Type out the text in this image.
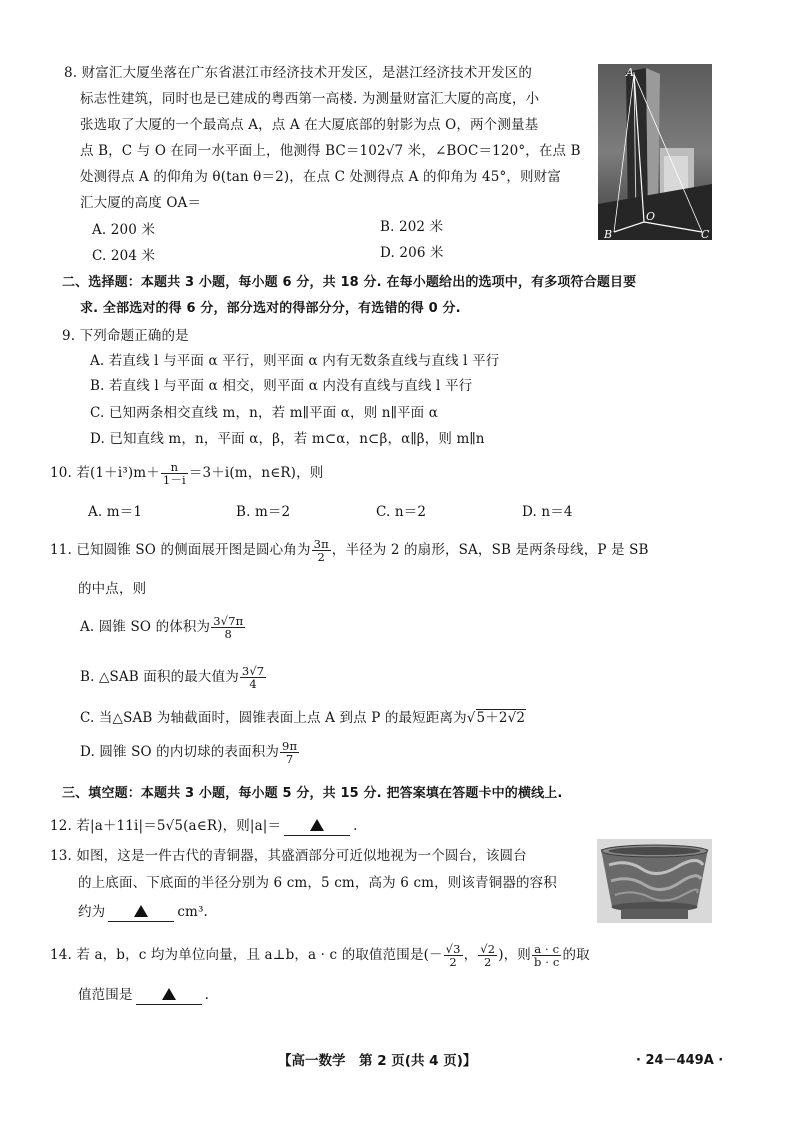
8. 财富汇大厦坐落在广东省湛江市经济技术开发区，是湛江经济技术开发区的
标志性建筑，同时也是已建成的粤西第一高楼. 为测量财富汇大厦的高度，小
张选取了大厦的一个最高点 A，点 A 在大厦底部的射影为点 O，两个测量基
点 B，C 与 O 在同一水平面上，他测得 BC＝102√7 米，∠BOC＝120°，在点 B
处测得点 A 的仰角为 θ(tan θ＝2)，在点 C 处测得点 A 的仰角为 45°，则财富
汇大厦的高度 OA＝
A. 200 米	B. 202 米
C. 204 米	D. 206 米
A
O
B	C
二、选择题：本题共 3 小题，每小题 6 分，共 18 分. 在每小题给出的选项中，有多项符合题目要
求. 全部选对的得 6 分，部分选对的得部分分，有选错的得 0 分.
9. 下列命题正确的是
A. 若直线 l 与平面 α 平行，则平面 α 内有无数条直线与直线 l 平行
B. 若直线 l 与平面 α 相交，则平面 α 内没有直线与直线 l 平行
C. 已知两条相交直线 m，n，若 m∥平面 α，则 n∥平面 α
D. 已知直线 m，n，平面 α，β，若 m⊂α，n⊂β，α∥β，则 m∥n
10. 若$(1+i^3)m+ \frac{n}{1-i} =3+i(m$，n∈R)，则
A. m＝1	B. m＝2	C. n＝2	D. n＝4
11. 已知圆锥 SO 的侧面展开图是圆心角为 $\frac{3\pi}{2}$ ，半径为 2 的扇形，SA，SB 是两条母线，P 是 SB
的中点，则
A. 圆锥 SO 的体积为 $\frac{3√7\pi}{8}$
B. △SAB 面积的最大值为 $\frac{3√7}{4}$
C. 当△SAB 为轴截面时，圆锥表面上点 A 到点 P 的最短距离为√5＋2√2
D. 圆锥 SO 的内切球的表面积为 $\frac{9\pi}{7}$
三、填空题：本题共 3 小题，每小题 5 分，共 15 分. 把答案填在答题卡中的横线上.
12. 若|a＋11i|＝5√5(a∈R)，则|a|＝	.
13. 如图，这是一件古代的青铜器，其盛酒部分可近似地视为一个圆台，该圆台
的上底面、下底面的半径分别为 6 cm，5 cm，高为 6 cm，则该青铜器的容积
约为	cm³.
14. 若 a，b，c 均为单位向量，且 a⊥b，a · c 的取值范围是(－ $\frac{√3}{2}$ ， $\frac{√2}{2}$ )，则 $\frac{a \cdot c}{b \cdot c}$ 的取
值范围是	.
【高一数学　第 2 页(共 4 页)】	· 24－449A ·
